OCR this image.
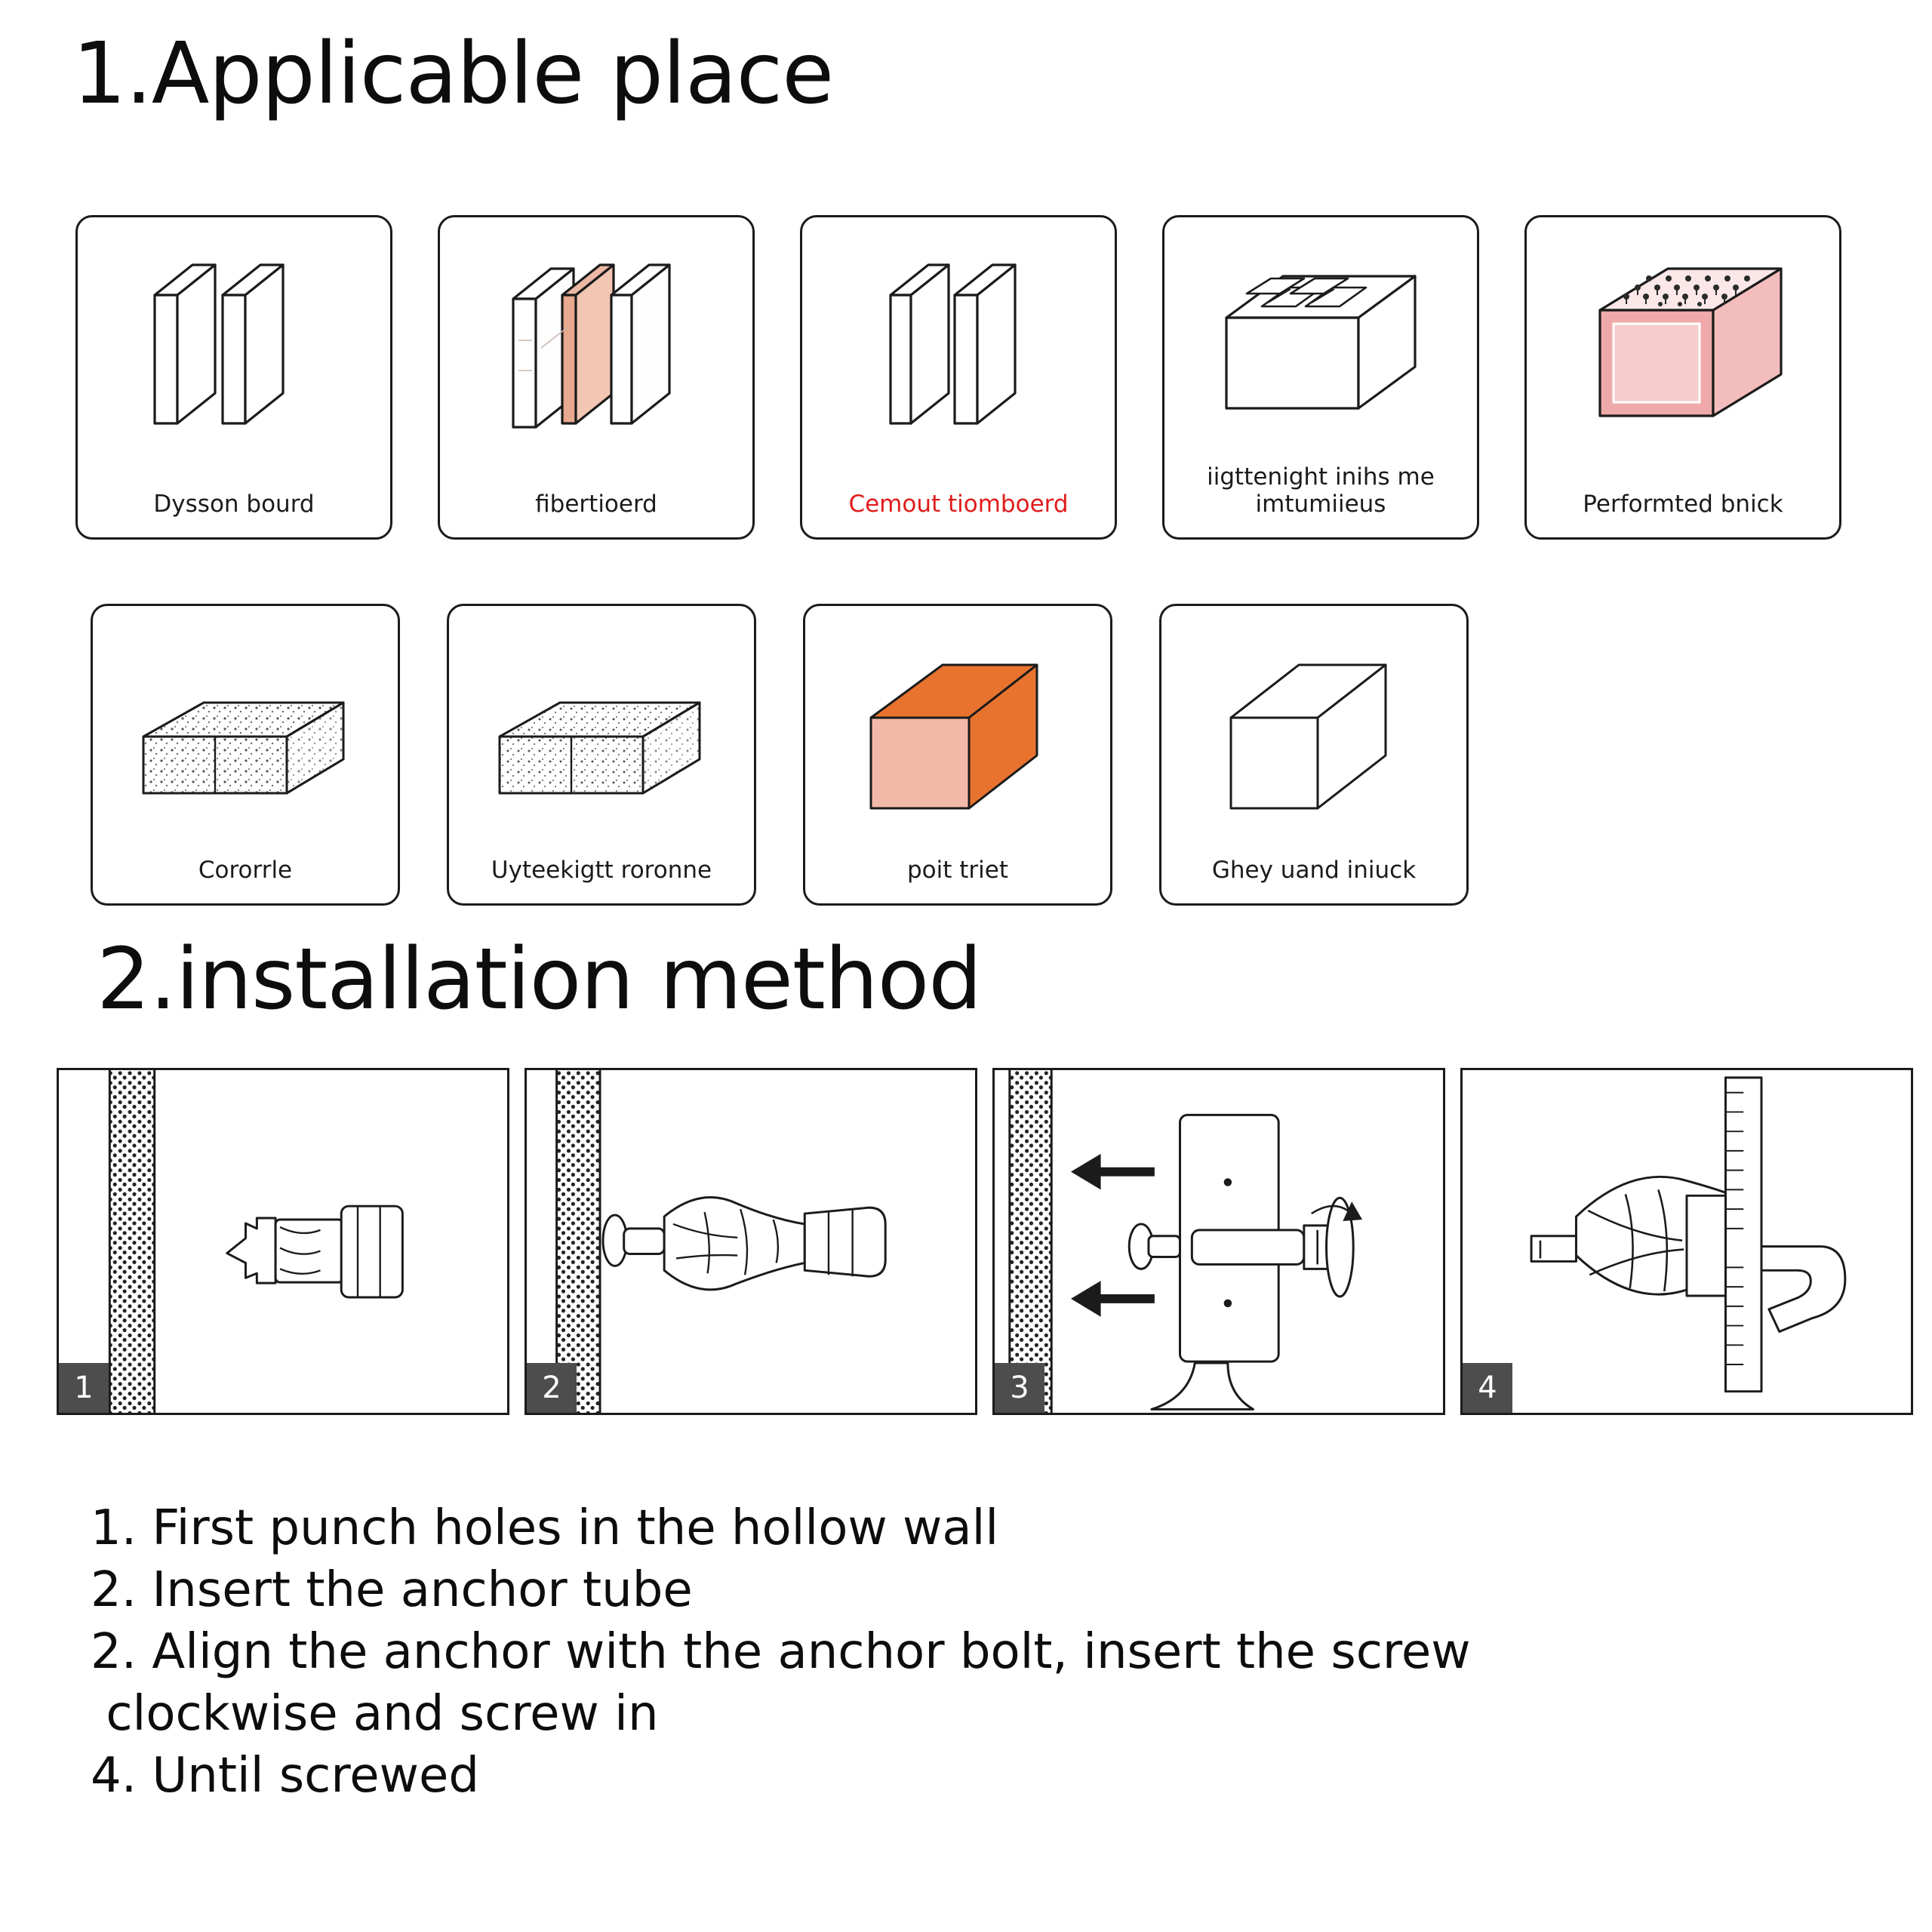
1.Applicable place
Dysson bourd	fibertioerd	Cemout tiomboerd
iigttenight inihs me imtumiieus	Performted bnick
Cororrle	Uyteekigtt roronne	poit triet	Ghey uand iniuck
2.installation method
1	2	3	4
1. First punch holes in the hollow wall
2. Insert the anchor tube
2. Align the anchor with the anchor bolt, insert the screw
clockwise and screw in
4. Until screwed
